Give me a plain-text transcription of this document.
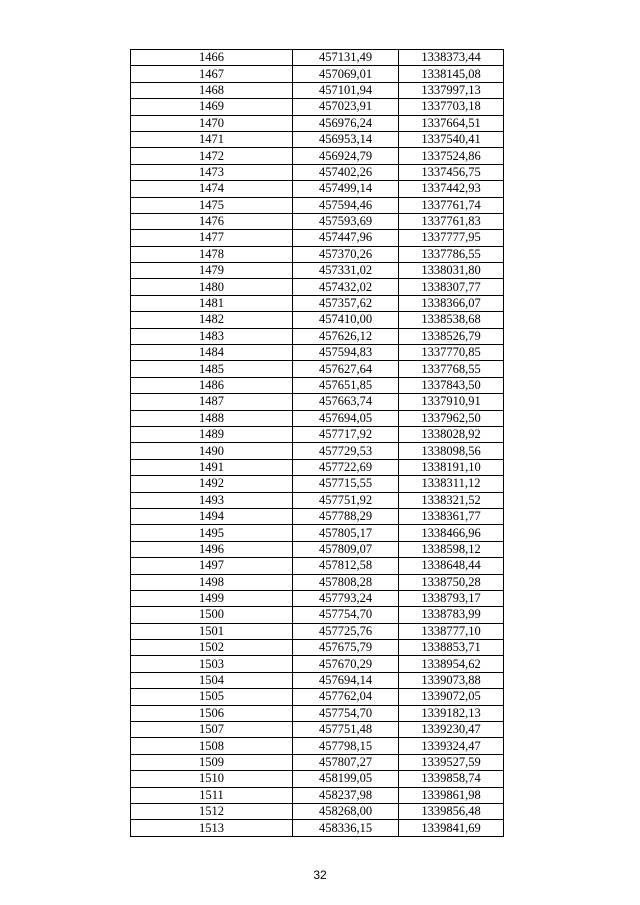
1466	457131,49	1338373,44
1467	457069,01	1338145,08
1468	457101,94	1337997,13
1469	457023,91	1337703,18
1470	456976,24	1337664,51
1471	456953,14	1337540,41
1472	456924,79	1337524,86
1473	457402,26	1337456,75
1474	457499,14	1337442,93
1475	457594,46	1337761,74
1476	457593,69	1337761,83
1477	457447,96	1337777,95
1478	457370,26	1337786,55
1479	457331,02	1338031,80
1480	457432,02	1338307,77
1481	457357,62	1338366,07
1482	457410,00	1338538,68
1483	457626,12	1338526,79
1484	457594,83	1337770,85
1485	457627,64	1337768,55
1486	457651,85	1337843,50
1487	457663,74	1337910,91
1488	457694,05	1337962,50
1489	457717,92	1338028,92
1490	457729,53	1338098,56
1491	457722,69	1338191,10
1492	457715,55	1338311,12
1493	457751,92	1338321,52
1494	457788,29	1338361,77
1495	457805,17	1338466,96
1496	457809,07	1338598,12
1497	457812,58	1338648,44
1498	457808,28	1338750,28
1499	457793,24	1338793,17
1500	457754,70	1338783,99
1501	457725,76	1338777,10
1502	457675,79	1338853,71
1503	457670,29	1338954,62
1504	457694,14	1339073,88
1505	457762,04	1339072,05
1506	457754,70	1339182,13
1507	457751,48	1339230,47
1508	457798,15	1339324,47
1509	457807,27	1339527,59
1510	458199,05	1339858,74
1511	458237,98	1339861,98
1512	458268,00	1339856,48
1513	458336,15	1339841,69
32
